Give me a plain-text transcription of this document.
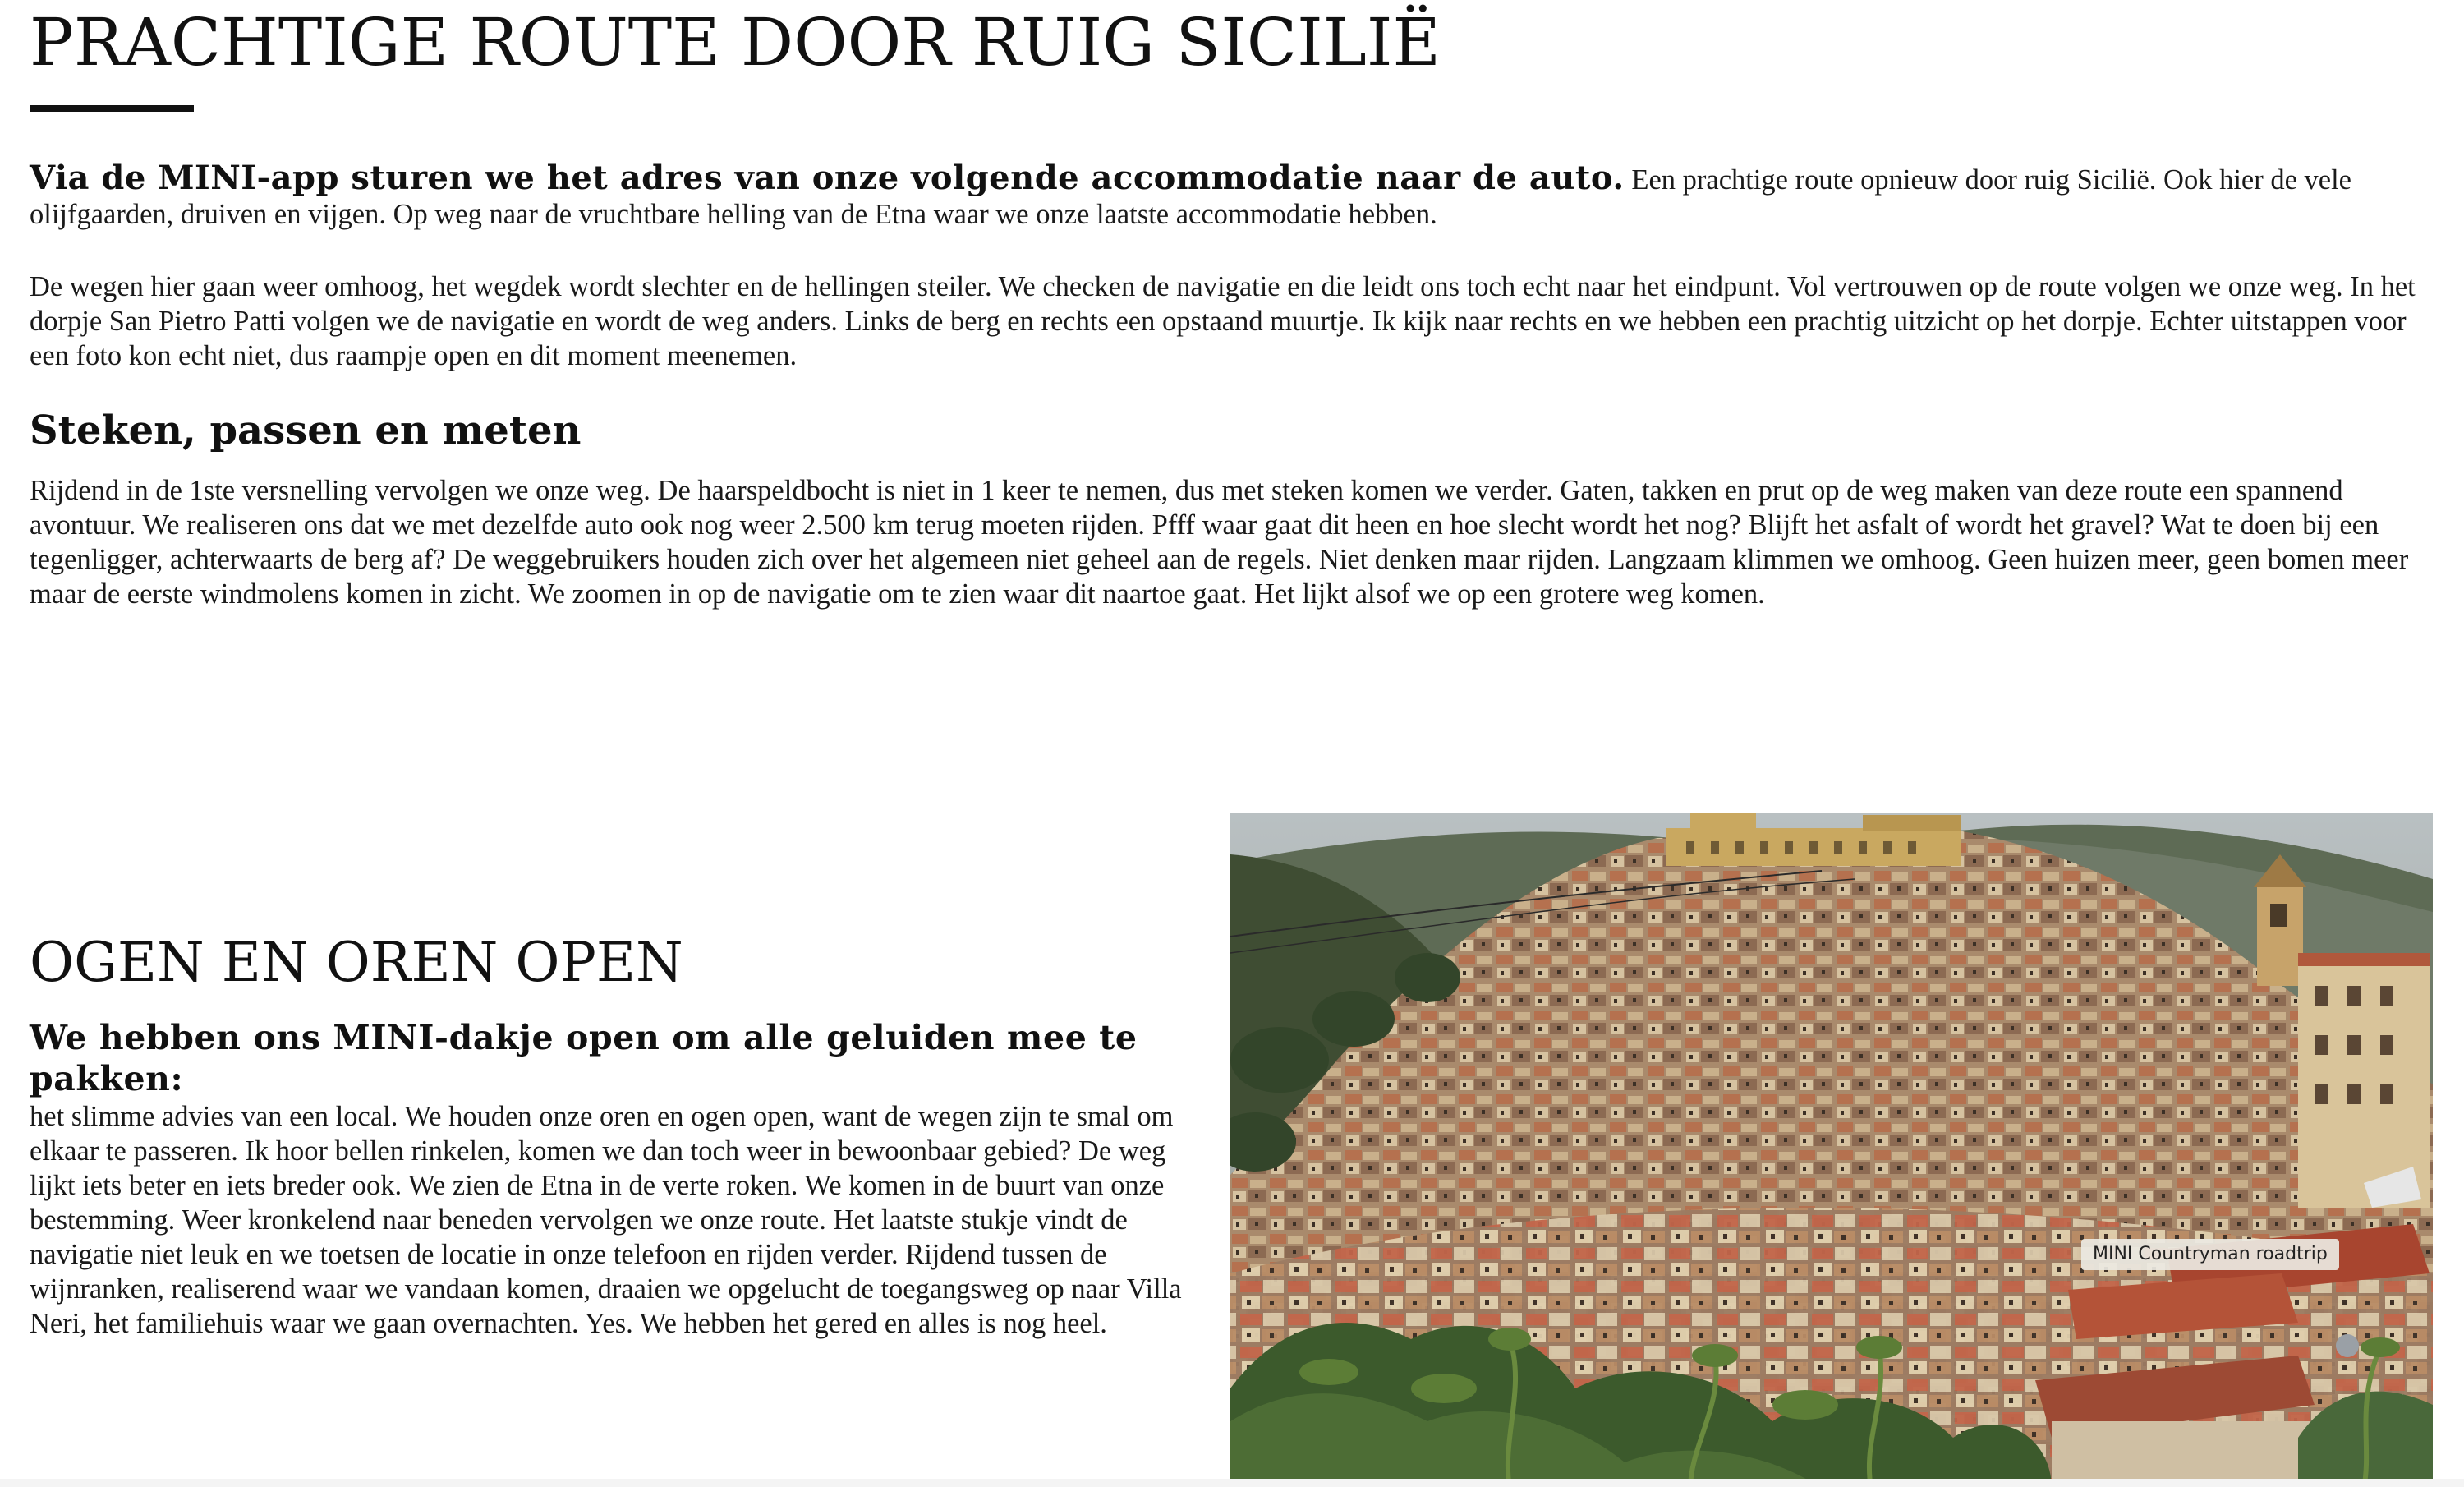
PRACHTIGE ROUTE DOOR RUIG SICILIË

Via de MINI-app sturen we het adres van onze volgende accommodatie naar de auto. Een prachtige route opnieuw door ruig Sicilië. Ook hier de vele olijfgaarden, druiven en vijgen. Op weg naar de vruchtbare helling van de Etna waar we onze laatste accommodatie hebben.

De wegen hier gaan weer omhoog, het wegdek wordt slechter en de hellingen steiler. We checken de navigatie en die leidt ons toch echt naar het eindpunt. Vol vertrouwen op de route volgen we onze weg. In het dorpje San Pietro Patti volgen we de navigatie en wordt de weg anders. Links de berg en rechts een opstaand muurtje. Ik kijk naar rechts en we hebben een prachtig uitzicht op het dorpje. Echter uitstappen voor een foto kon echt niet, dus raampje open en dit moment meenemen.

Steken, passen en meten

Rijdend in de 1ste versnelling vervolgen we onze weg. De haarspeldbocht is niet in 1 keer te nemen, dus met steken komen we verder. Gaten, takken en prut op de weg maken van deze route een spannend avontuur. We realiseren ons dat we met dezelfde auto ook nog weer 2.500 km terug moeten rijden. Pfff waar gaat dit heen en hoe slecht wordt het nog? Blijft het asfalt of wordt het gravel? Wat te doen bij een tegenligger, achterwaarts de berg af? De weggebruikers houden zich over het algemeen niet geheel aan de regels. Niet denken maar rijden. Langzaam klimmen we omhoog. Geen huizen meer, geen bomen meer maar de eerste windmolens komen in zicht. We zoomen in op de navigatie om te zien waar dit naartoe gaat. Het lijkt alsof we op een grotere weg komen.

OGEN EN OREN OPEN

We hebben ons MINI-dakje open om alle geluiden mee te pakken:
het slimme advies van een local. We houden onze oren en ogen open, want de wegen zijn te smal om elkaar te passeren. Ik hoor bellen rinkelen, komen we dan toch weer in bewoonbaar gebied? De weg lijkt iets beter en iets breder ook. We zien de Etna in de verte roken. We komen in de buurt van onze bestemming. Weer kronkelend naar beneden vervolgen we onze route. Het laatste stukje vindt de navigatie niet leuk en we toetsen de locatie in onze telefoon en rijden verder. Rijdend tussen de wijnranken, realiserend waar we vandaan komen, draaien we opgelucht de toegangsweg op naar Villa Neri, het familiehuis waar we gaan overnachten. Yes. We hebben het gered en alles is nog heel.

MINI Countryman roadtrip
